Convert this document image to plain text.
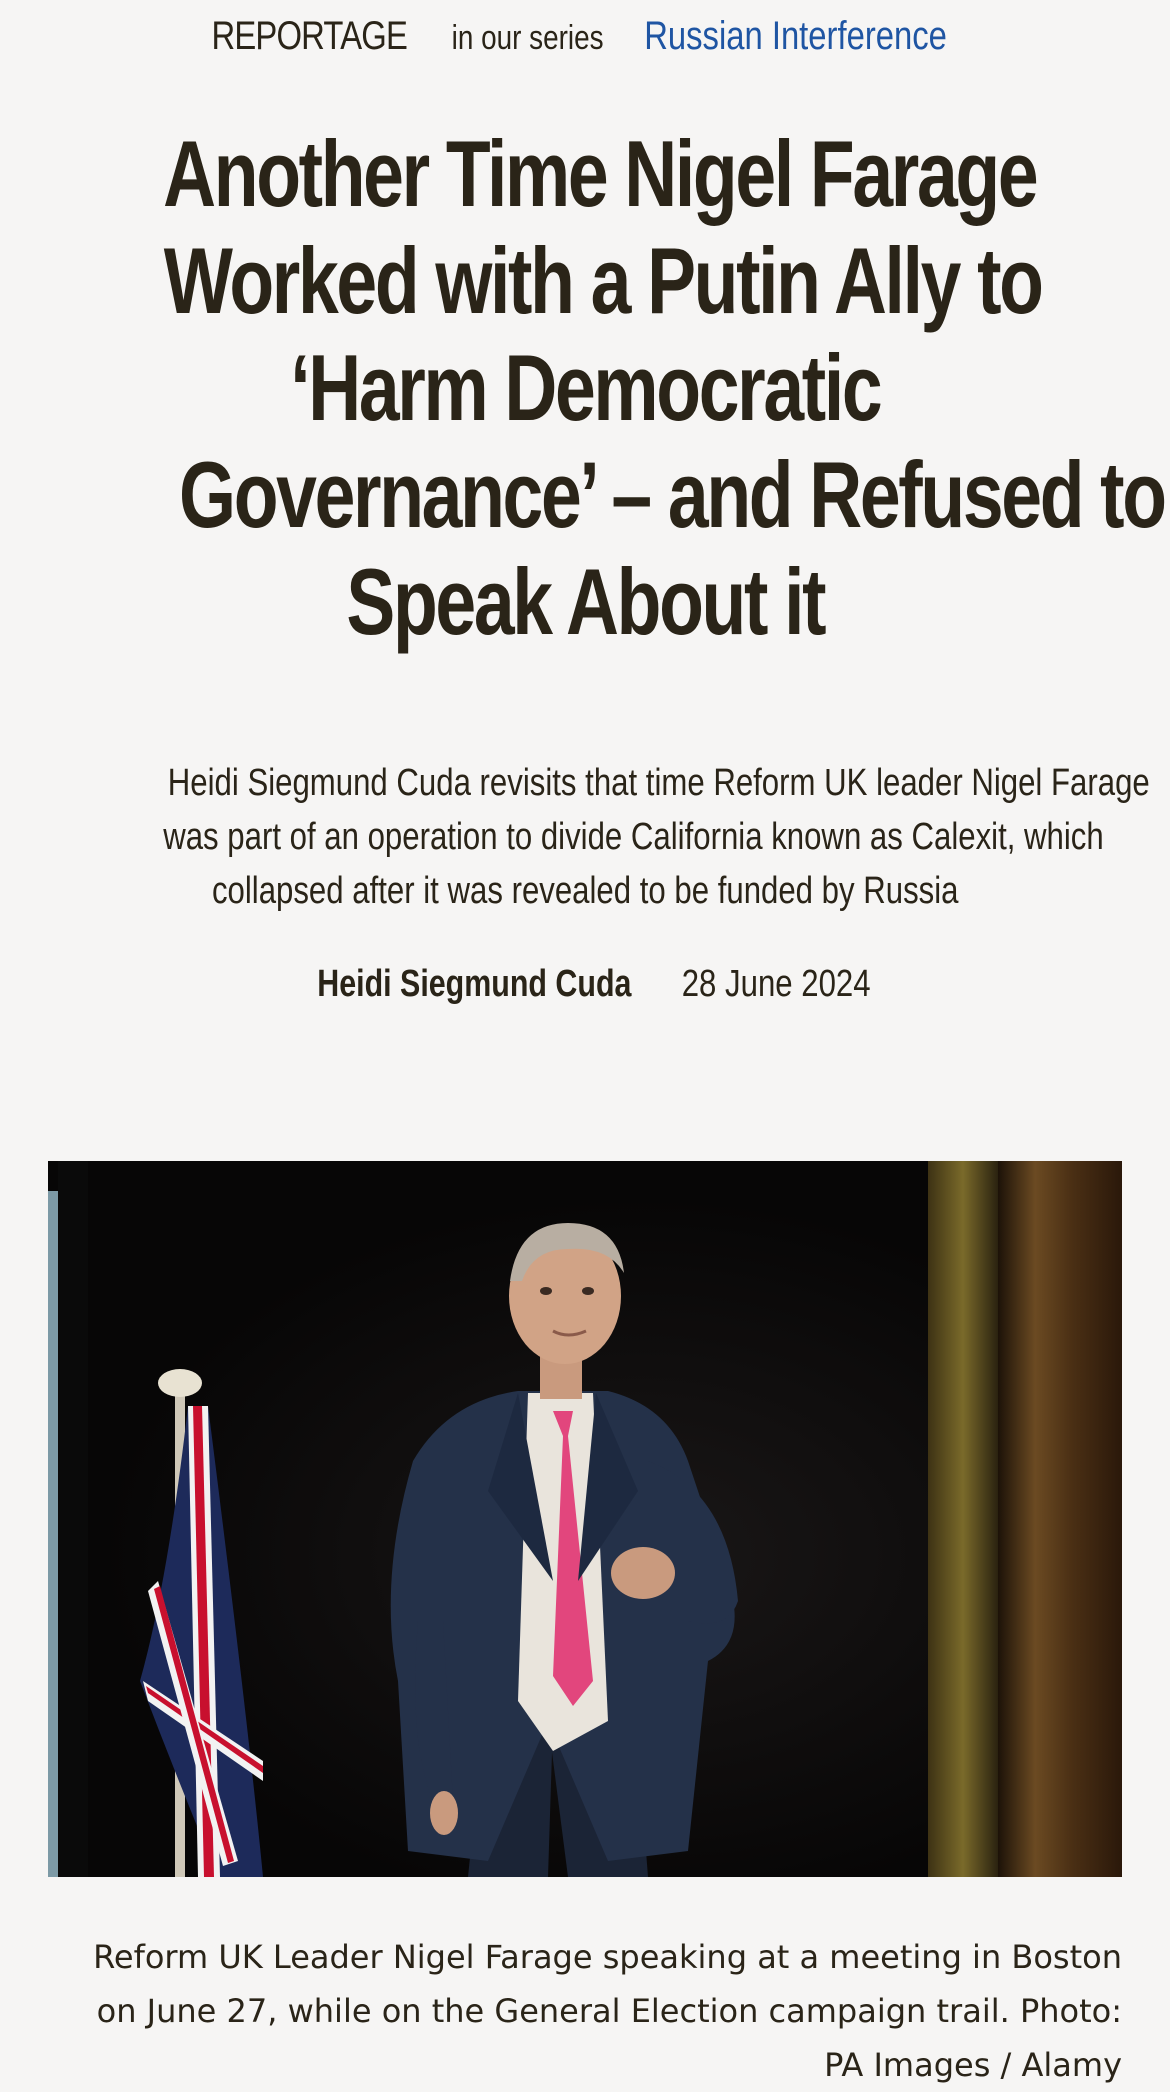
REPORTAGE in our series Russian Interference
Another Time Nigel Farage
Worked with a Putin Ally to
‘Harm Democratic
Governance’ – and Refused to
Speak About it
Heidi Siegmund Cuda revisits that time Reform UK leader Nigel Farage
was part of an operation to divide California known as Calexit, which
collapsed after it was revealed to be funded by Russia
Heidi Siegmund Cuda 28 June 2024
Reform UK Leader Nigel Farage speaking at a meeting in Boston on June 27, while on the General Election campaign trail. Photo: PA Images / Alamy
